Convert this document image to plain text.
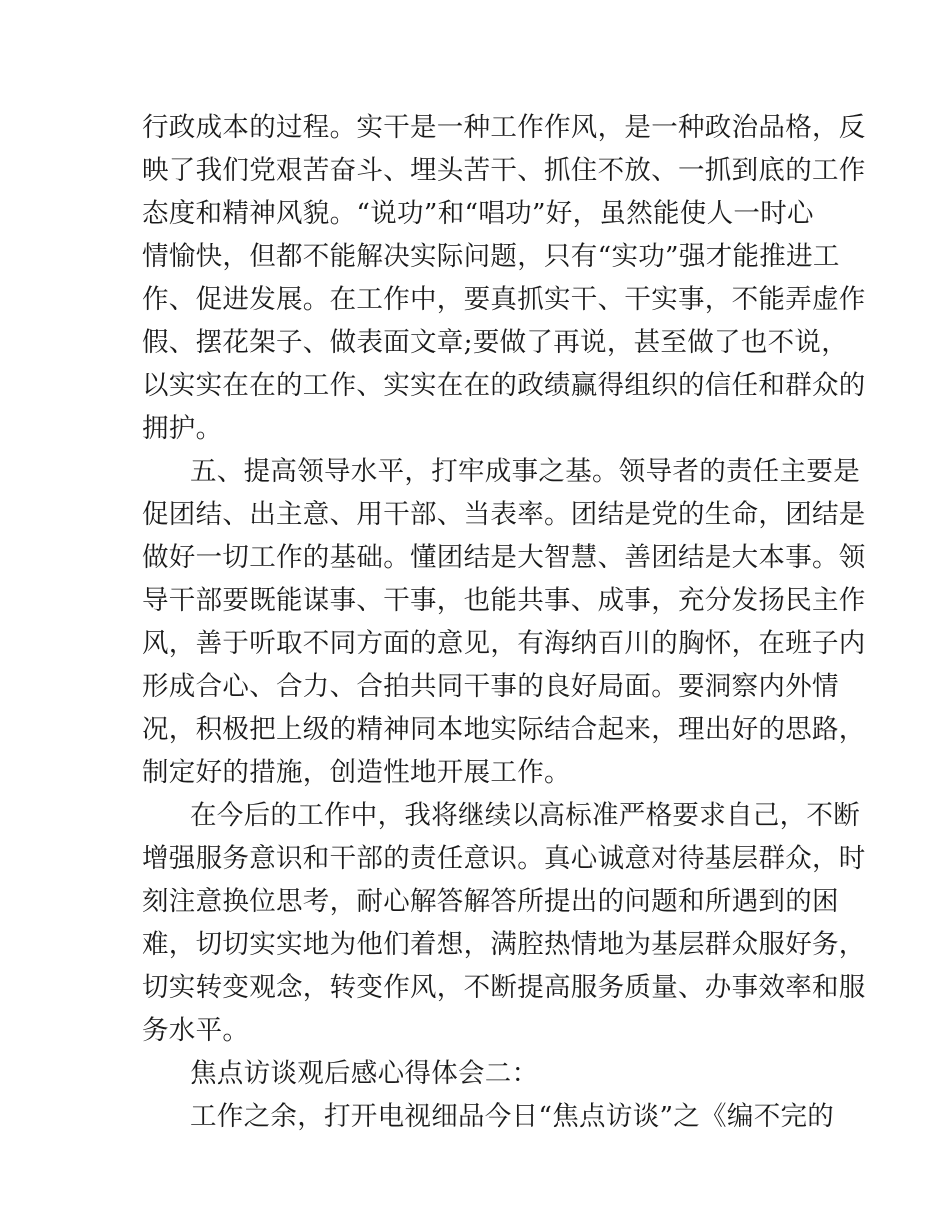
行政成本的过程。实干是一种工作作风，是一种政治品格，反
映了我们党艰苦奋斗、埋头苦干、抓住不放、一抓到底的工作
态度和精神风貌。“说功”和“唱功”好，虽然能使人一时心
情愉快，但都不能解决实际问题，只有“实功”强才能推进工
作、促进发展。在工作中，要真抓实干、干实事，不能弄虚作
假、摆花架子、做表面文章;要做了再说，甚至做了也不说，
以实实在在的工作、实实在在的政绩赢得组织的信任和群众的
拥护。
五、提高领导水平，打牢成事之基。领导者的责任主要是
促团结、出主意、用干部、当表率。团结是党的生命，团结是
做好一切工作的基础。懂团结是大智慧、善团结是大本事。领
导干部要既能谋事、干事，也能共事、成事，充分发扬民主作
风，善于听取不同方面的意见，有海纳百川的胸怀，在班子内
形成合心、合力、合拍共同干事的良好局面。要洞察内外情
况，积极把上级的精神同本地实际结合起来，理出好的思路，
制定好的措施，创造性地开展工作。
在今后的工作中，我将继续以高标准严格要求自己，不断
增强服务意识和干部的责任意识。真心诚意对待基层群众，时
刻注意换位思考，耐心解答解答所提出的问题和所遇到的困
难，切切实实地为他们着想，满腔热情地为基层群众服好务，
切实转变观念，转变作风，不断提高服务质量、办事效率和服
务水平。
焦点访谈观后感心得体会二：
工作之余，打开电视细品今日“焦点访谈”之《编不完的
